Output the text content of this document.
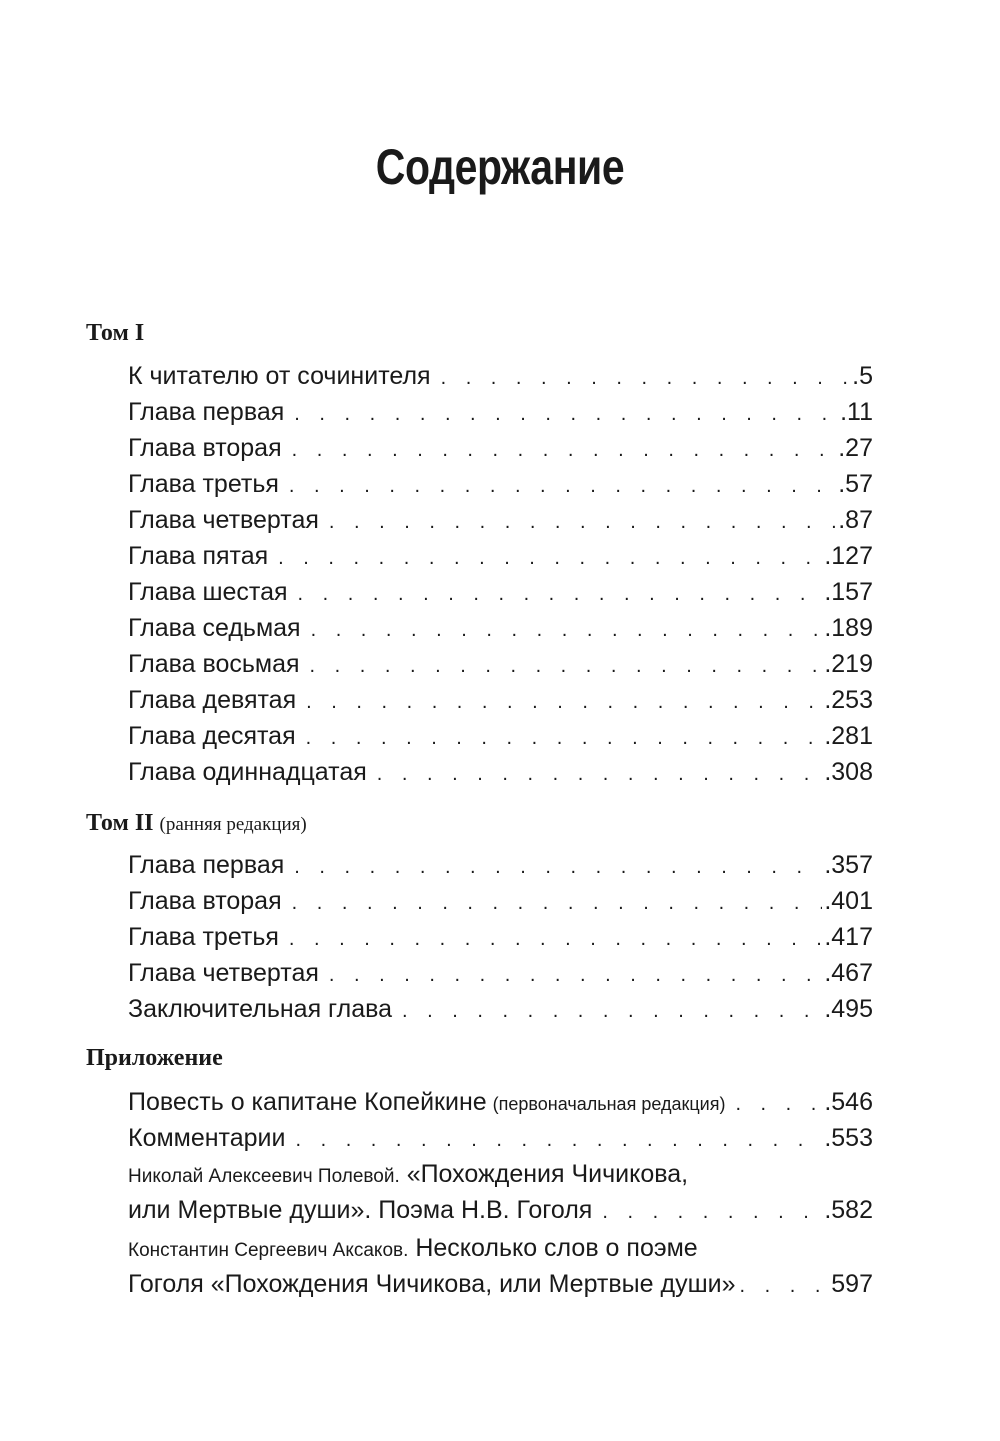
Содержание
Том I
К читателю от сочинителя . . .	.5
Глава первая . . .	.11
Глава вторая . . .	.27
Глава третья . . .	.57
Глава четвертая . . .	.87
Глава пятая . . .	.127
Глава шестая . . .	.157
Глава седьмая . . .	.189
Глава восьмая . . .	.219
Глава девятая . . .	.253
Глава десятая . . .	.281
Глава одиннадцатая . . .	.308
Том II (ранняя редакция)
Глава первая . . .	.357
Глава вторая . . .	.401
Глава третья . . .	.417
Глава четвертая . . .	.467
Заключительная глава . . .	.495
Приложение
Повесть о капитане Копейкине (первоначальная редакция) . . .	.546
Комментарии . . .	.553
Николай Алексеевич Полевой. «Похождения Чичикова,
или Мертвые души». Поэма Н.В. Гоголя . . .	.582
Константин Сергеевич Аксаков. Несколько слов о поэме
Гоголя «Похождения Чичикова, или Мертвые души» . . .	597
